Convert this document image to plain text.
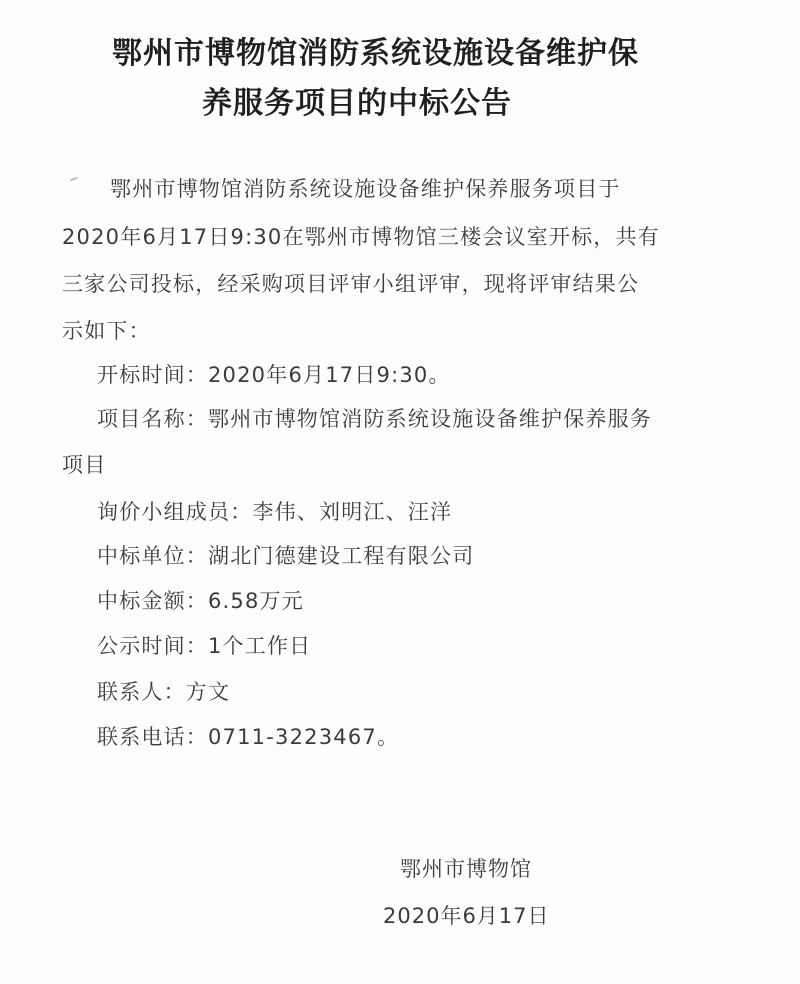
鄂州市博物馆消防系统设施设备维护保
养服务项目的中标公告
鄂州市博物馆消防系统设施设备维护保养服务项目于
2020年6月17日9:30在鄂州市博物馆三楼会议室开标，共有
三家公司投标，经采购项目评审小组评审，现将评审结果公
示如下：
开标时间：2020年6月17日9:30。
项目名称：鄂州市博物馆消防系统设施设备维护保养服务
项目
询价小组成员：李伟、刘明江、汪洋
中标单位：湖北门德建设工程有限公司
中标金额：6.58万元
公示时间：1个工作日
联系人：方文
联系电话：0711-3223467。
鄂州市博物馆
2020年6月17日
